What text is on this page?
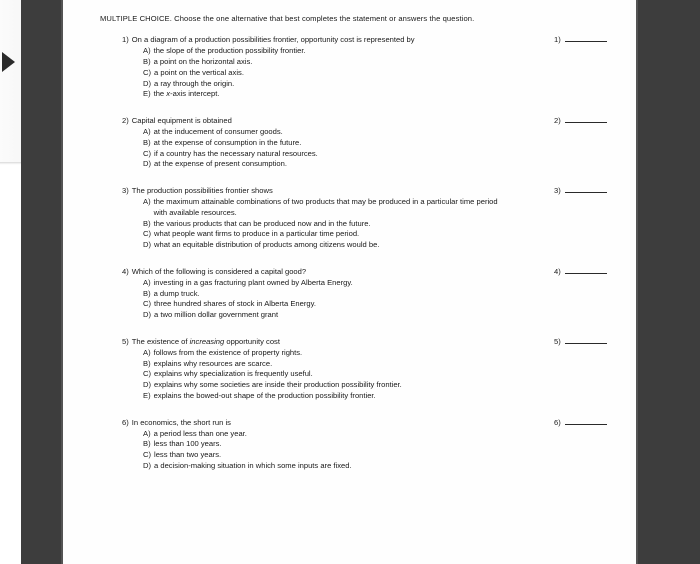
MULTIPLE CHOICE. Choose the one alternative that best completes the statement or answers the question.
1) On a diagram of a production possibilities frontier, opportunity cost is represented by
A) the slope of the production possibility frontier.
B) a point on the horizontal axis.
C) a point on the vertical axis.
D) a ray through the origin.
E) the x-axis intercept.
1)
2) Capital equipment is obtained
A) at the inducement of consumer goods.
B) at the expense of consumption in the future.
C) if a country has the necessary natural resources.
D) at the expense of present consumption.
2)
3) The production possibilities frontier shows
A) the maximum attainable combinations of two products that may be produced in a particular time period with available resources.
B) the various products that can be produced now and in the future.
C) what people want firms to produce in a particular time period.
D) what an equitable distribution of products among citizens would be.
3)
4) Which of the following is considered a capital good?
A) investing in a gas fracturing plant owned by Alberta Energy.
B) a dump truck.
C) three hundred shares of stock in Alberta Energy.
D) a two million dollar government grant
4)
5) The existence of increasing opportunity cost
A) follows from the existence of property rights.
B) explains why resources are scarce.
C) explains why specialization is frequently useful.
D) explains why some societies are inside their production possibility frontier.
E) explains the bowed-out shape of the production possibility frontier.
5)
6) In economics, the short run is
A) a period less than one year.
B) less than 100 years.
C) less than two years.
D) a decision-making situation in which some inputs are fixed.
6)
